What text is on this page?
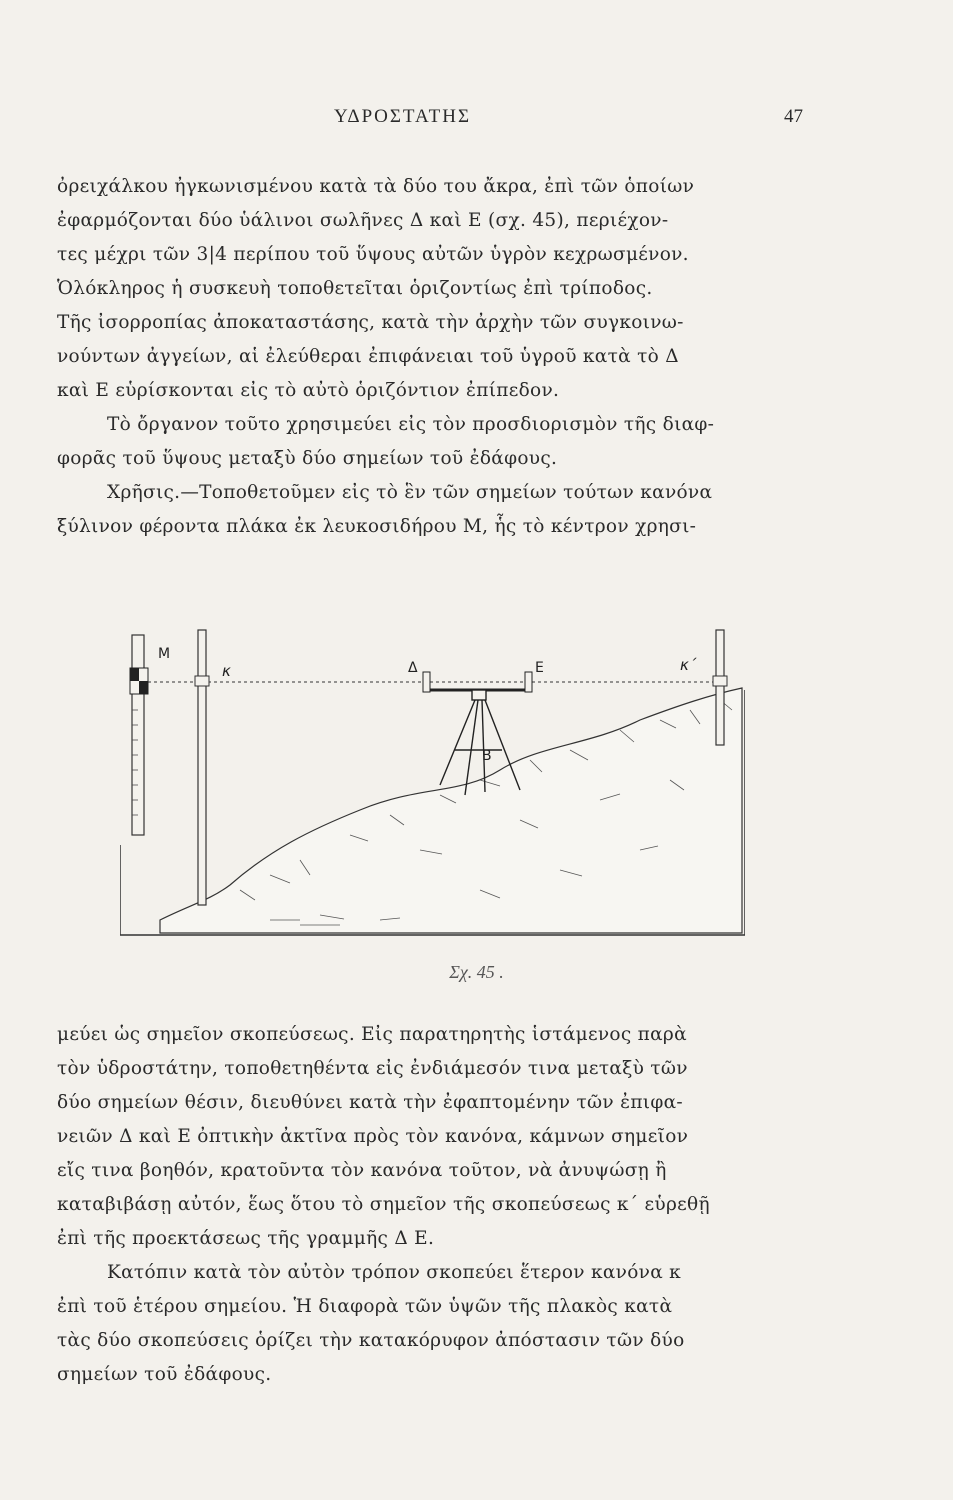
ΥΔΡΟΣΤΑΤΗΣ	47
ὀρειχάλκου ἠγκωνισμένου κατὰ τὰ δύο του ἄκρα, ἐπὶ τῶν ὁποίων
ἐφαρμόζονται δύο ὑάλινοι σωλῆνες Δ καὶ Ε (σχ. 45), περιέχον-
τες μέχρι τῶν 3|4 περίπου τοῦ ὕψους αὐτῶν ὑγρὸν κεχρωσμένον.
Ὁλόκληρος ἡ συσκευὴ τοποθετεῖται ὁριζοντίως ἐπὶ τρίποδος.
Τῆς ἰσορροπίας ἀποκαταστάσης, κατὰ τὴν ἀρχὴν τῶν συγκοινω-
νούντων ἀγγείων, αἱ ἐλεύθεραι ἐπιφάνειαι τοῦ ὑγροῦ κατὰ τὸ Δ
καὶ Ε εὑρίσκονται εἰς τὸ αὐτὸ ὁριζόντιον ἐπίπεδον.
Τὸ ὄργανον τοῦτο χρησιμεύει εἰς τὸν προσδιορισμὸν τῆς διαφ-
φορᾶς τοῦ ὕψους μεταξὺ δύο σημείων τοῦ ἐδάφους.
Χρῆσις.—Τοποθετοῦμεν εἰς τὸ ἓν τῶν σημείων τούτων κανόνα
ξύλινον φέροντα πλάκα ἐκ λευκοσιδήρου Μ, ἧς τὸ κέντρον χρησι-
M
κ	Δ	Ε
Β
κ΄
Σχ. 45 .
μεύει ὡς σημεῖον σκοπεύσεως. Εἰς παρατηρητὴς ἱστάμενος παρὰ
τὸν ὑδροστάτην, τοποθετηθέντα εἰς ἐνδιάμεσόν τινα μεταξὺ τῶν
δύο σημείων θέσιν, διευθύνει κατὰ τὴν ἐφαπτομένην τῶν ἐπιφα-
νειῶν Δ καὶ Ε ὀπτικὴν ἀκτῖνα πρὸς τὸν κανόνα, κάμνων σημεῖον
εἴς τινα βοηθόν, κρατοῦντα τὸν κανόνα τοῦτον, νὰ ἀνυψώσῃ ἢ
καταβιβάσῃ αὐτόν, ἕως ὅτου τὸ σημεῖον τῆς σκοπεύσεως κ΄ εὑρεθῇ
ἐπὶ τῆς προεκτάσεως τῆς γραμμῆς Δ Ε.
Κατόπιν κατὰ τὸν αὐτὸν τρόπον σκοπεύει ἕτερον κανόνα κ
ἐπὶ τοῦ ἑτέρου σημείου. Ἡ διαφορὰ τῶν ὑψῶν τῆς πλακὸς κατὰ
τὰς δύο σκοπεύσεις ὁρίζει τὴν κατακόρυφον ἀπόστασιν τῶν δύο
σημείων τοῦ ἐδάφους.
